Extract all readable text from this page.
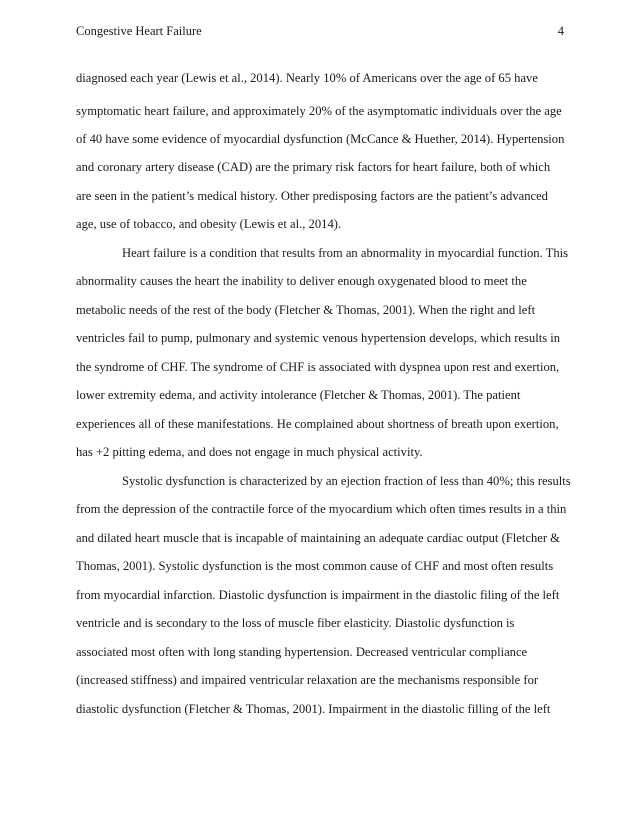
Congestive Heart Failure	4
diagnosed each year (Lewis et al., 2014). Nearly 10% of Americans over the age of 65 have
symptomatic heart failure, and approximately 20% of the asymptomatic individuals over the age
of 40 have some evidence of myocardial dysfunction (McCance & Huether, 2014). Hypertension
and coronary artery disease (CAD) are the primary risk factors for heart failure, both of which
are seen in the patient’s medical history. Other predisposing factors are the patient’s advanced
age, use of tobacco, and obesity (Lewis et al., 2014).
Heart failure is a condition that results from an abnormality in myocardial function. This
abnormality causes the heart the inability to deliver enough oxygenated blood to meet the
metabolic needs of the rest of the body (Fletcher & Thomas, 2001). When the right and left
ventricles fail to pump, pulmonary and systemic venous hypertension develops, which results in
the syndrome of CHF. The syndrome of CHF is associated with dyspnea upon rest and exertion,
lower extremity edema, and activity intolerance (Fletcher & Thomas, 2001). The patient
experiences all of these manifestations. He complained about shortness of breath upon exertion,
has +2 pitting edema, and does not engage in much physical activity.
Systolic dysfunction is characterized by an ejection fraction of less than 40%; this results
from the depression of the contractile force of the myocardium which often times results in a thin
and dilated heart muscle that is incapable of maintaining an adequate cardiac output (Fletcher &
Thomas, 2001). Systolic dysfunction is the most common cause of CHF and most often results
from myocardial infarction. Diastolic dysfunction is impairment in the diastolic filing of the left
ventricle and is secondary to the loss of muscle fiber elasticity. Diastolic dysfunction is
associated most often with long standing hypertension. Decreased ventricular compliance
(increased stiffness) and impaired ventricular relaxation are the mechanisms responsible for
diastolic dysfunction (Fletcher & Thomas, 2001). Impairment in the diastolic filling of the left
